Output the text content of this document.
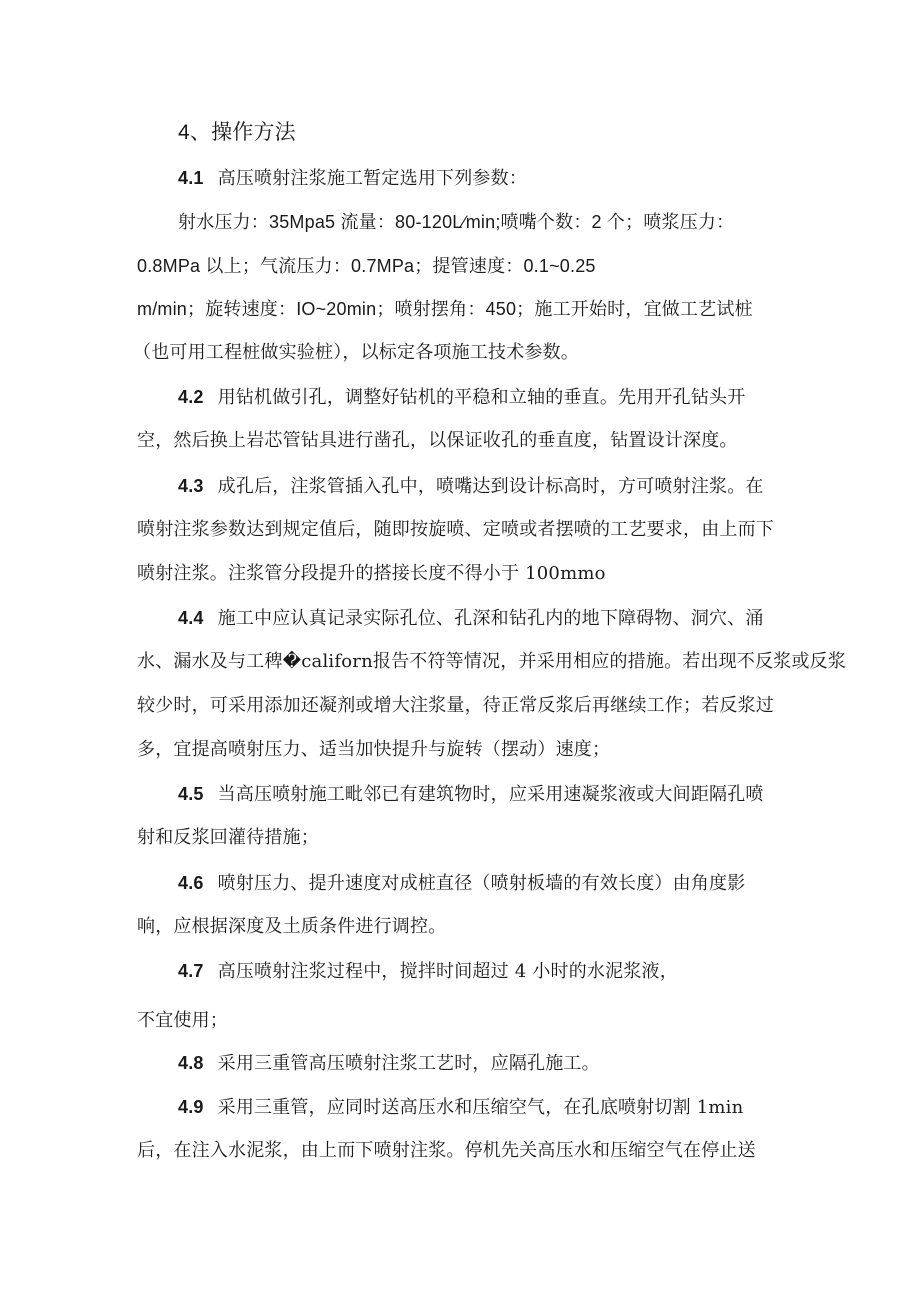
4、操作方法
4.1 高压喷射注浆施工暂定选用下列参数：
射水压力：35Mpa5 流量：80-120L∕min;喷嘴个数：2 个；喷浆压力：
0.8MPa 以上；气流压力：0.7MPa；提管速度：0.1~0.25
m/min；旋转速度：IO~20min；喷射摆角：450；施工开始时，宜做工艺试桩
（也可用工程桩做实验桩），以标定各项施工技术参数。
4.2 用钻机做引孔，调整好钻机的平稳和立轴的垂直。先用开孔钻头开
空，然后换上岩芯管钻具进行凿孔，以保证收孔的垂直度，钻置设计深度。
4.3 成孔后，注浆管插入孔中，喷嘴达到设计标高时，方可喷射注浆。在
喷射注浆参数达到规定值后，随即按旋喷、定喷或者摆喷的工艺要求，由上而下
喷射注浆。注浆管分段提升的搭接长度不得小于 100mmo
4.4 施工中应认真记录实际孔位、孔深和钻孔内的地下障碍物、洞穴、涌
水、漏水及与工稗�californ报告不符等情况，并采用相应的措施。若出现不反浆或反浆
较少时，可采用添加还凝剂或增大注浆量，待正常反浆后再继续工作；若反浆过
多，宜提高喷射压力、适当加快提升与旋转（摆动）速度；
4.5 当高压喷射施工毗邻已有建筑物时，应采用速凝浆液或大间距隔孔喷
射和反浆回灌待措施；
4.6 喷射压力、提升速度对成桩直径（喷射板墙的有效长度）由角度影
响，应根据深度及土质条件进行调控。
4.7 高压喷射注浆过程中，搅拌时间超过 4 小时的水泥浆液，
不宜使用；
4.8 采用三重管高压喷射注浆工艺时，应隔孔施工。
4.9 采用三重管，应同时送高压水和压缩空气，在孔底喷射切割 1min
后，在注入水泥浆，由上而下喷射注浆。停机先关高压水和压缩空气在停止送
